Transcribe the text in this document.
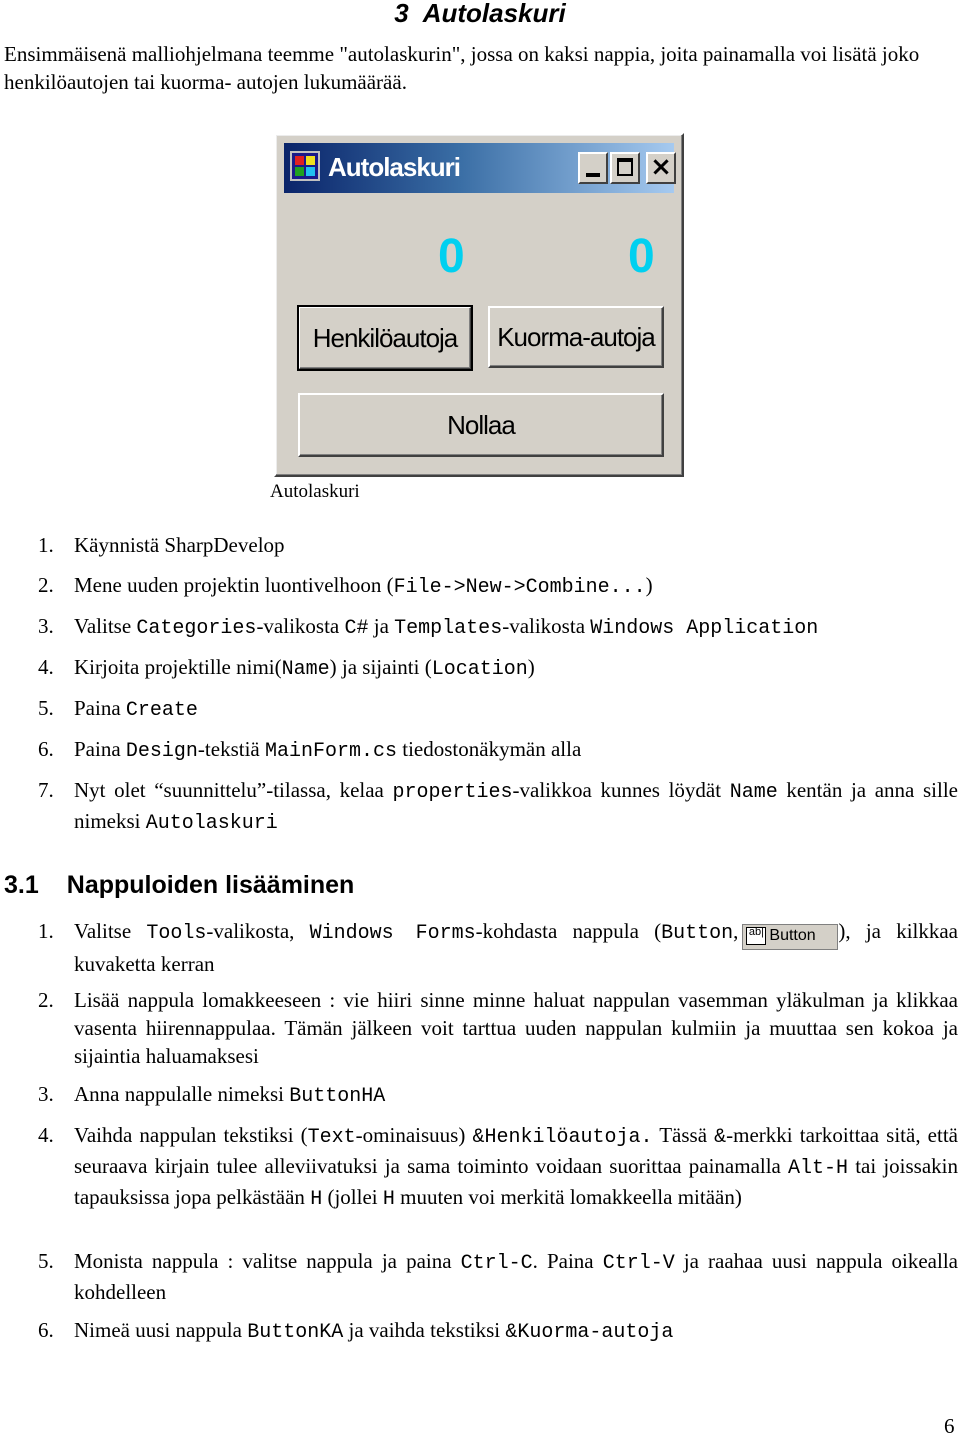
3 Autolaskuri

Ensimmäisenä malliohjelmana teemme "autolaskurin", jossa on kaksi nappia, joita painamalla voi lisätä joko henkilöautojen tai kuorma- autojen lukumäärää.

Autolaskuri	×
0	0
Henkilöautoja	Kuorma-autoja
Nollaa
Autolaskuri
1. Käynnistä SharpDevelop
2. Mene uuden projektin luontivelhoon (File->New->Combine...)
3. Valitse Categories-valikosta C# ja Templates-valikosta Windows Application
4. Kirjoita projektille nimi(Name) ja sijainti (Location)
5. Paina Create
6. Paina Design-tekstiä MainForm.cs tiedostonäkymän alla
7. Nyt olet “suunnittelu”-tilassa, kelaa properties-valikkoa kunnes löydät Name kentän ja anna sille nimeksi Autolaskuri
3.1 Nappuloiden lisääminen
1. Valitse Tools-valikosta, Windows Forms-kohdasta nappula (Button, ab| Button ), ja kilkkaa kuvaketta kerran
2. Lisää nappula lomakkeeseen : vie hiiri sinne minne haluat nappulan vasemman yläkulman ja klikkaa vasenta hiirennappulaa. Tämän jälkeen voit tarttua uuden nappulan kulmiin ja muuttaa sen kokoa ja sijaintia haluamaksesi
3. Anna nappulalle nimeksi ButtonHA
4. Vaihda nappulan tekstiksi (Text-ominaisuus) &Henkilöautoja. Tässä &-merkki tarkoittaa sitä, että seuraava kirjain tulee alleviivatuksi ja sama toiminto voidaan suorittaa painamalla Alt-H tai joissakin tapauksissa jopa pelkästään H (jollei H muuten voi merkitä lomakkeella mitään)
5. Monista nappula : valitse nappula ja paina Ctrl-C. Paina Ctrl-V ja raahaa uusi nappula oikealla kohdelleen
6. Nimeä uusi nappula ButtonKA ja vaihda tekstiksi &Kuorma-autoja
6
